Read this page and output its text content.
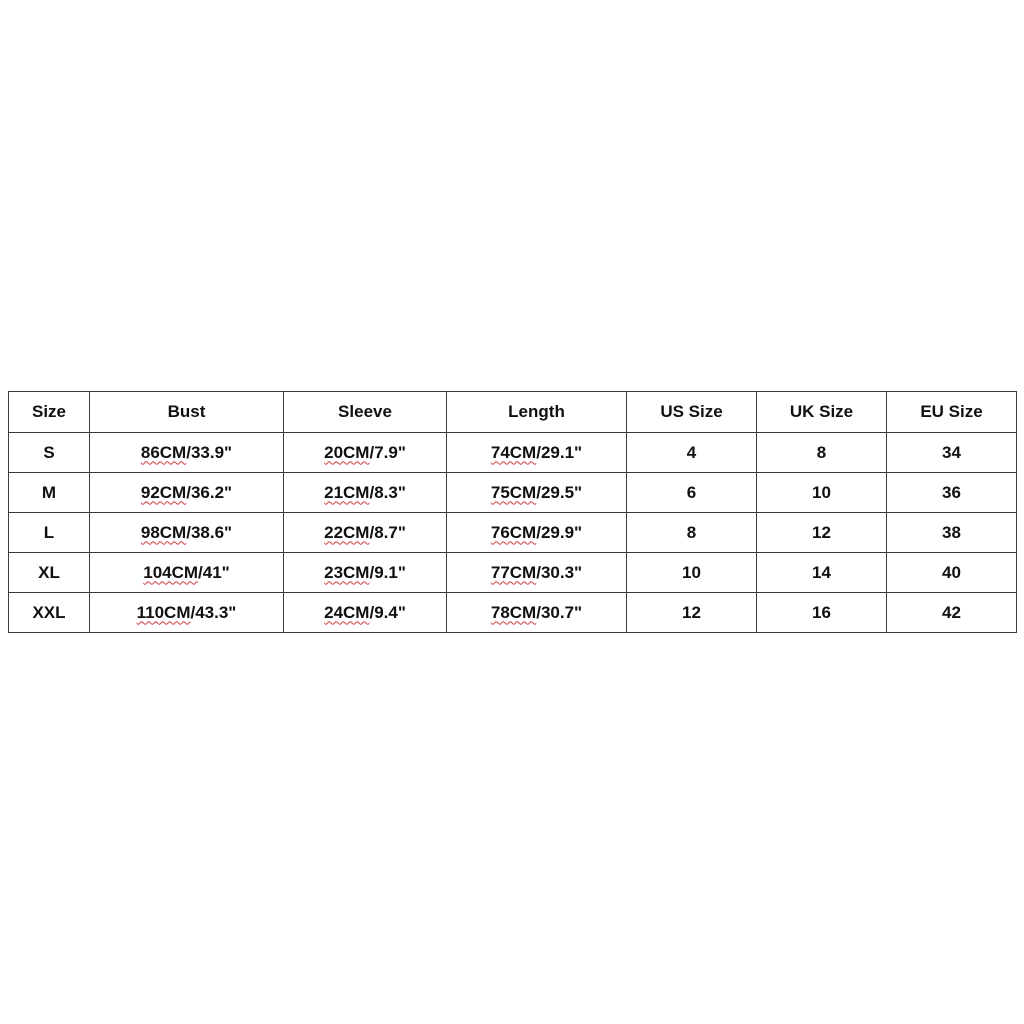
Size	Bust	Sleeve	Length	US Size	UK Size	EU Size
S	86CM/33.9"	20CM/7.9"	74CM/29.1"	4	8	34
M	92CM/36.2"	21CM/8.3"	75CM/29.5"	6	10	36
L	98CM/38.6"	22CM/8.7"	76CM/29.9"	8	12	38
XL	104CM/41"	23CM/9.1"	77CM/30.3"	10	14	40
XXL	110CM/43.3"	24CM/9.4"	78CM/30.7"	12	16	42
